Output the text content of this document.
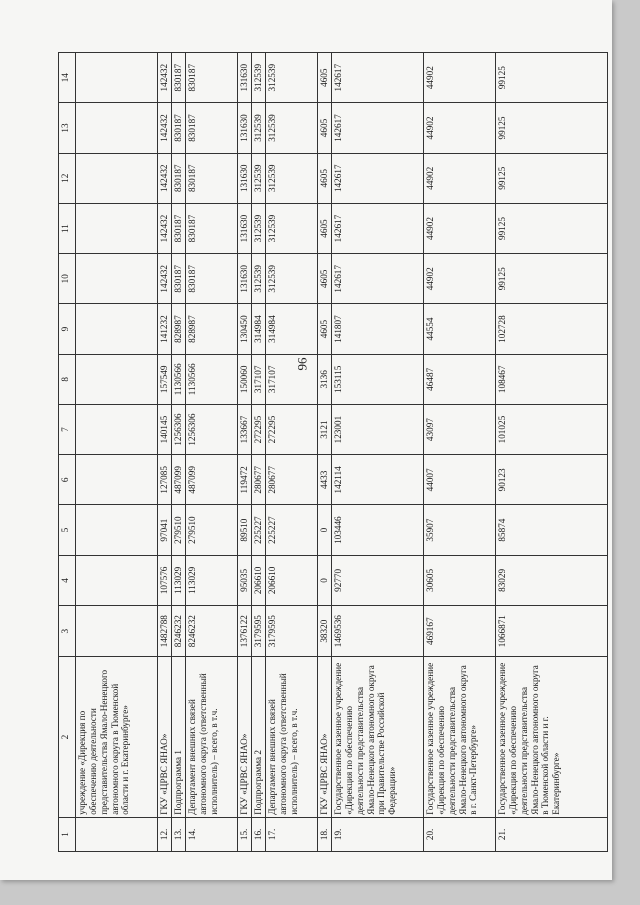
96
1	2	3	4	5	6	7	8	9	10	11	12	13	14
	учреждение «Дирекция по обеспечению деятельности представительства Ямало-Ненецкого автономного округа в Тюменской области и г. Екатеринбурге»												
12.	ГКУ «ЦРВС ЯНАО»	1482788	107576	97041	127085	140145	157549	141232	142432	142432	142432	142432	142432
13.	Подпрограмма 1	8246232	113029	279510	487099	1256306	1130566	828987	830187	830187	830187	830187	830187
14.	Департамент внешних связей автономного округа (ответственный исполнитель) – всего, в т.ч.	8246232	113029	279510	487099	1256306	1130566	828987	830187	830187	830187	830187	830187
15.	ГКУ «ЦРВС ЯНАО»	1376122	95035	89510	119472	133667	150060	130450	131630	131630	131630	131630	131630
16.	Подпрограмма 2	3179595	206610	225227	280677	272295	317107	314984	312539	312539	312539	312539	312539
17.	Департамент внешних связей автономного округа (ответственный исполнитель) – всего, в т.ч.	3179595	206610	225227	280677	272295	317107	314984	312539	312539	312539	312539	312539
18.	ГКУ «ЦРВС ЯНАО»	38320	0	0	4433	3121	3136	4605	4605	4605	4605	4605	4605
19.	Государственное казенное учреждение «Дирекция по обеспечению деятельности представительства Ямало-Ненецкого автономного округа при Правительстве Российской Федерации»	1469536	92770	103446	142114	123001	153115	141807	142617	142617	142617	142617	142617
20.	Государственное казенное учреждение «Дирекция по обеспечению деятельности представительства Ямало-Ненецкого автономного округа в г. Санкт-Петербурге»	469167	30605	35907	44007	43097	46487	44554	44902	44902	44902	44902	44902
21.	Государственное казенное учреждение «Дирекция по обеспечению деятельности представительства Ямало-Ненецкого автономного округа в Тюменской области и г. Екатеринбурге»	1066871	83029	85874	90123	101025	108467	102728	99125	99125	99125	99125	99125
